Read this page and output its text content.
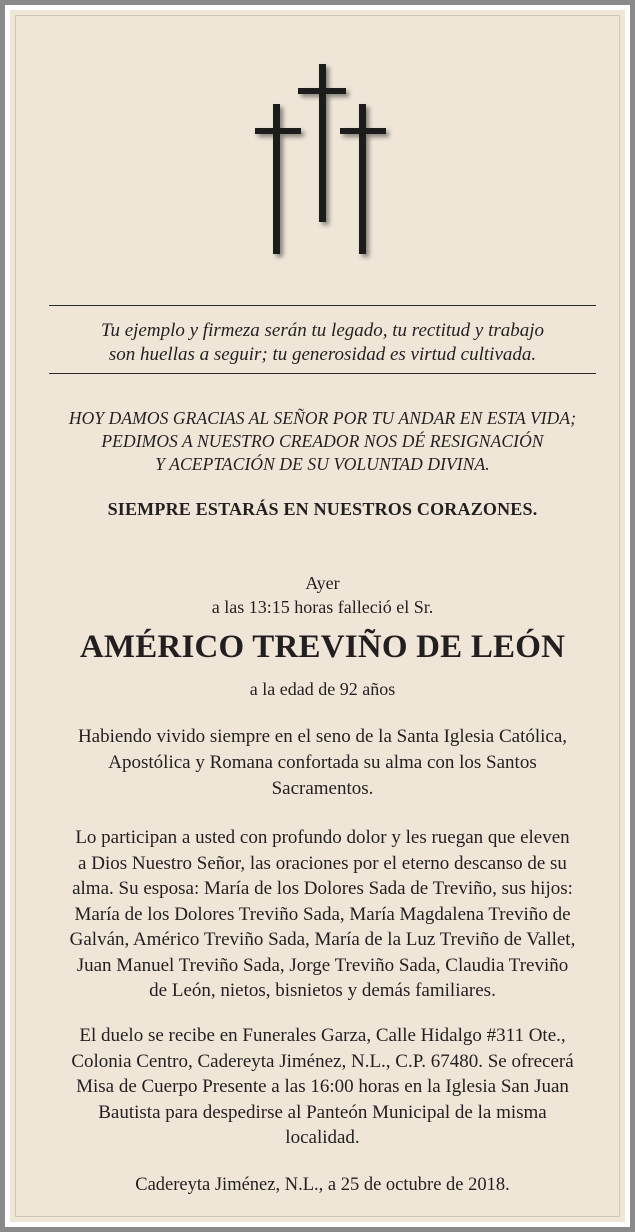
Tu ejemplo y firmeza serán tu legado, tu rectitud y trabajo

son huellas a seguir; tu generosidad es virtud cultivada.

HOY DAMOS GRACIAS AL SEÑOR POR TU ANDAR EN ESTA VIDA;

PEDIMOS A NUESTRO CREADOR NOS DÉ RESIGNACIÓN

Y ACEPTACIÓN DE SU VOLUNTAD DIVINA.

SIEMPRE ESTARÁS EN NUESTROS CORAZONES.

Ayer

a las 13:15 horas falleció el Sr.

AMÉRICO TREVIÑO DE LEÓN

a la edad de 92 años

Habiendo vivido siempre en el seno de la Santa Iglesia Católica,
Apostólica y Romana confortada su alma con los Santos
Sacramentos.
Lo participan a usted con profundo dolor y les ruegan que eleven
a Dios Nuestro Señor, las oraciones por el eterno descanso de su
alma. Su esposa: María de los Dolores Sada de Treviño, sus hijos:
María de los Dolores Treviño Sada, María Magdalena Treviño de
Galván, Américo Treviño Sada, María de la Luz Treviño de Vallet,
Juan Manuel Treviño Sada, Jorge Treviño Sada, Claudia Treviño
de León, nietos, bisnietos y demás familiares.
El duelo se recibe en Funerales Garza, Calle Hidalgo #311 Ote.,
Colonia Centro, Cadereyta Jiménez, N.L., C.P. 67480. Se ofrecerá
Misa de Cuerpo Presente a las 16:00 horas en la Iglesia San Juan
Bautista para despedirse al Panteón Municipal de la misma
localidad.

Cadereyta Jiménez, N.L., a 25 de octubre de 2018.
